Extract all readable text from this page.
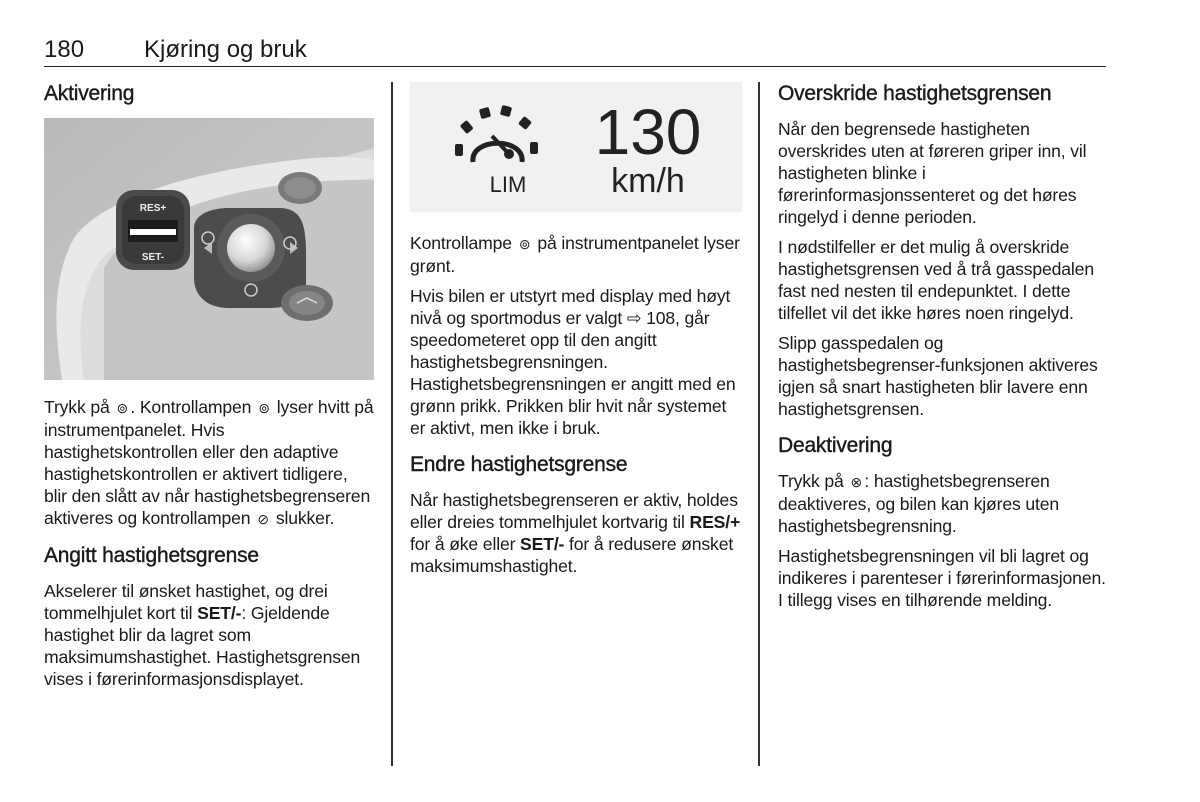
180 Kjøring og bruk
Aktivering
RES+
SET-

Trykk på ⊚ . Kontrollampen ⊚ lyser hvitt på instrumentpanelet. Hvis hastighetskontrollen eller den adaptive hastighetskontrollen er aktivert tidligere, blir den slått av når hastighetsbegrenseren aktiveres og kontrollampen ⊘ slukker.

Angitt hastighetsgrense

Akselerer til ønsket hastighet, og drei tommelhjulet kort til SET/-: Gjeldende hastighet blir da lagret som maksimumshastighet. Hastighetsgrensen vises i førerinformasjonsdisplayet.

LIM
130
km/h

Kontrollampe ⊚ på instrumentpanelet lyser grønt.

Hvis bilen er utstyrt med display med høyt nivå og sportmodus er valgt ⇨ 108, går speedometeret opp til den angitt hastighetsbegrensningen. Hastighetsbegrensningen er angitt med en grønn prikk. Prikken blir hvit når systemet er aktivt, men ikke i bruk.

Endre hastighetsgrense

Når hastighetsbegrenseren er aktiv, holdes eller dreies tommelhjulet kortvarig til RES/+ for å øke eller SET/- for å redusere ønsket maksimumshastighet.

Overskride hastighetsgrensen

Når den begrensede hastigheten overskrides uten at føreren griper inn, vil hastigheten blinke i førerinformasjonssenteret og det høres ringelyd i denne perioden.

I nødstilfeller er det mulig å overskride hastighetsgrensen ved å trå gasspedalen fast ned nesten til endepunktet. I dette tilfellet vil det ikke høres noen ringelyd.

Slipp gasspedalen og hastighetsbegrenser-funksjonen aktiveres igjen så snart hastigheten blir lavere enn hastighetsgrensen.

Deaktivering

Trykk på ⊗ : hastighetsbegrenseren deaktiveres, og bilen kan kjøres uten hastighetsbegrensning.

Hastighetsbegrensningen vil bli lagret og indikeres i parenteser i førerinformasjonen. I tillegg vises en tilhørende melding.
